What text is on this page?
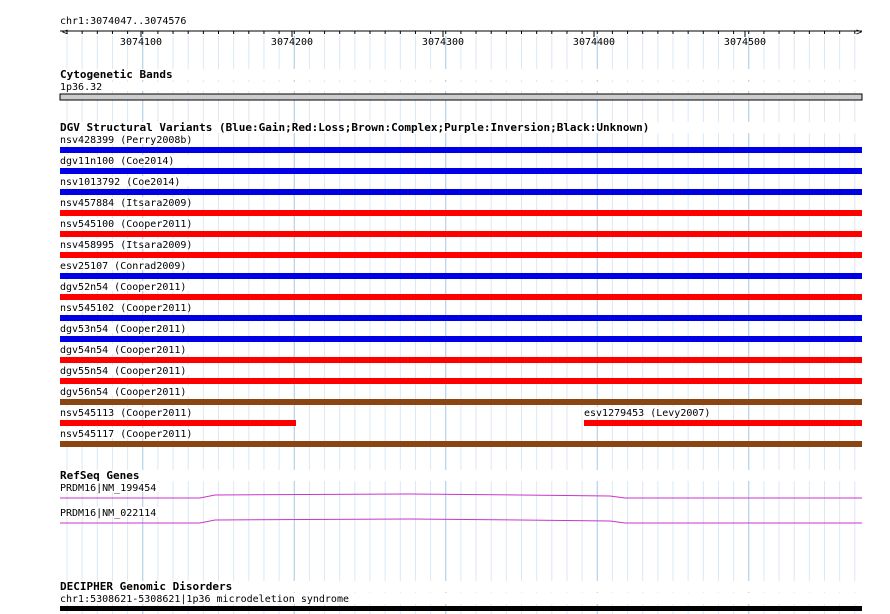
chr1:3074047..3074576
<	>
3074100	3074200	3074300	3074400	3074500
Cytogenetic Bands
1p36.32
DGV Structural Variants (Blue:Gain;Red:Loss;Brown:Complex;Purple:Inversion;Black:Unknown)
nsv428399 (Perry2008b)
dgv11n100 (Coe2014)
nsv1013792 (Coe2014)
nsv457884 (Itsara2009)
nsv545100 (Cooper2011)
nsv458995 (Itsara2009)
esv25107 (Conrad2009)
dgv52n54 (Cooper2011)
nsv545102 (Cooper2011)
dgv53n54 (Cooper2011)
dgv54n54 (Cooper2011)
dgv55n54 (Cooper2011)
dgv56n54 (Cooper2011)
nsv545113 (Cooper2011)	esv1279453 (Levy2007)
nsv545117 (Cooper2011)
RefSeq Genes
PRDM16|NM_199454
PRDM16|NM_022114
DECIPHER Genomic Disorders
chr1:5308621-5308621|1p36 microdeletion syndrome
